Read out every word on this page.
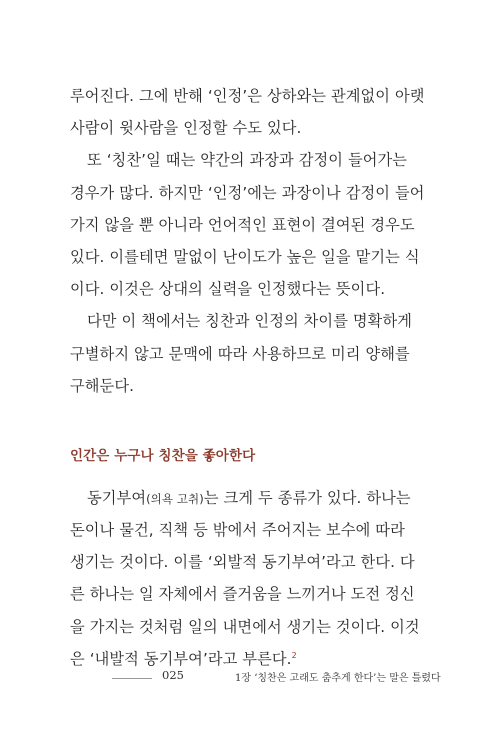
루어진다. 그에 반해 ‘인정’은 상하와는 관계없이 아랫
사람이 윗사람을 인정할 수도 있다.
또 ‘칭찬’일 때는 약간의 과장과 감정이 들어가는
경우가 많다. 하지만 ‘인정’에는 과장이나 감정이 들어
가지 않을 뿐 아니라 언어적인 표현이 결여된 경우도
있다. 이를테면 말없이 난이도가 높은 일을 맡기는 식
이다. 이것은 상대의 실력을 인정했다는 뜻이다.
다만 이 책에서는 칭찬과 인정의 차이를 명확하게
구별하지 않고 문맥에 따라 사용하므로 미리 양해를
구해둔다.
인간은 누구나 칭찬을 좋아한다
동기부여(의욕 고취)는 크게 두 종류가 있다. 하나는
돈이나 물건, 직책 등 밖에서 주어지는 보수에 따라
생기는 것이다. 이를 ‘외발적 동기부여’라고 한다. 다
른 하나는 일 자체에서 즐거움을 느끼거나 도전 정신
을 가지는 것처럼 일의 내면에서 생기는 것이다. 이것
은 ‘내발적 동기부여’라고 부른다.$^2$
025	1장 ‘칭찬은 고래도 춤추게 한다’는 말은 틀렸다
